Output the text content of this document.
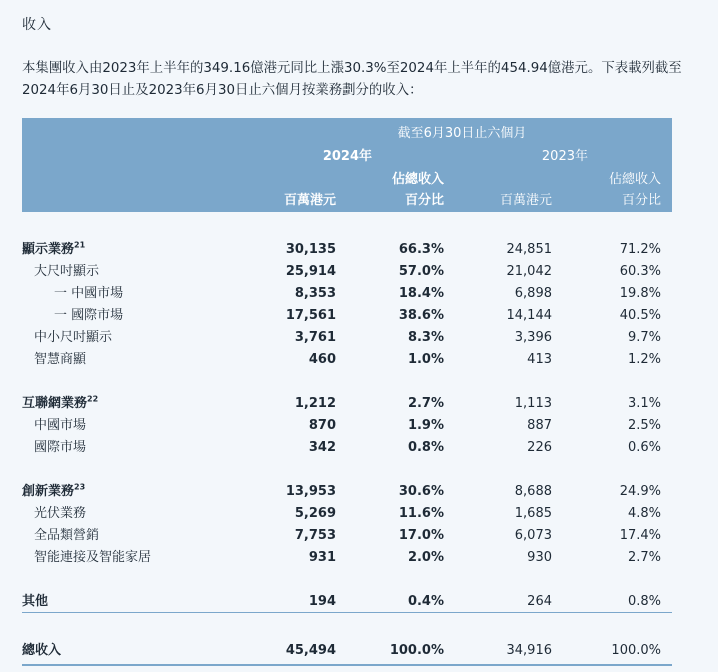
收入
本集團收入由2023年上半年的349.16億港元同比上漲30.3%至2024年上半年的454.94億港元。下表載列截至2024年6月30日止及2023年6月30日止六個月按業務劃分的收入：
截至6月30日止六個月
2024年	2023年
佔總收入	佔總收入
百萬港元	百分比	百萬港元	百分比
顯示業務$^{21}$	30,135	66.3%	24,851	71.2%
大尺吋顯示	25,914	57.0%	21,042	60.3%
一 中國市場	8,353	18.4%	6,898	19.8%
一 國際市場	17,561	38.6%	14,144	40.5%
中小尺吋顯示	3,761	8.3%	3,396	9.7%
智慧商顯	460	1.0%	413	1.2%
互聯網業務$^{22}$	1,212	2.7%	1,113	3.1%
中國市場	870	1.9%	887	2.5%
國際市場	342	0.8%	226	0.6%
創新業務$^{23}$	13,953	30.6%	8,688	24.9%
光伏業務	5,269	11.6%	1,685	4.8%
全品類營銷	7,753	17.0%	6,073	17.4%
智能連接及智能家居	931	2.0%	930	2.7%
其他	194	0.4%	264	0.8%
總收入	45,494	100.0%	34,916	100.0%
